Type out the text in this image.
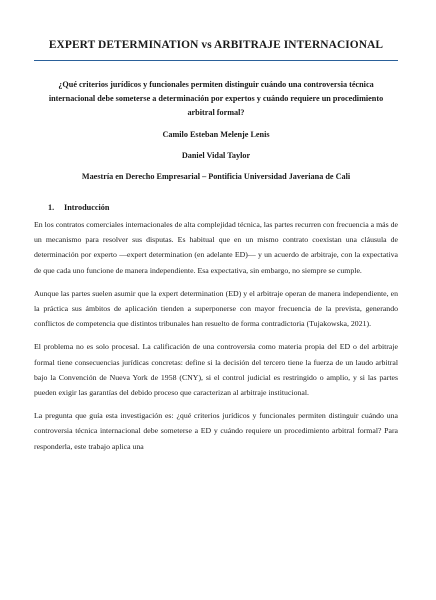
EXPERT DETERMINATION vs ARBITRAJE INTERNACIONAL
¿Qué criterios jurídicos y funcionales permiten distinguir cuándo una controversia técnica internacional debe someterse a determinación por expertos y cuándo requiere un procedimiento arbitral formal?
Camilo Esteban Melenje Lenis
Daniel Vidal Taylor
Maestría en Derecho Empresarial – Pontificia Universidad Javeriana de Cali
1. Introducción

En los contratos comerciales internacionales de alta complejidad técnica, las partes recurren con frecuencia a más de un mecanismo para resolver sus disputas. Es habitual que en un mismo contrato coexistan una cláusula de determinación por experto —expert determination (en adelante ED)— y un acuerdo de arbitraje, con la expectativa de que cada uno funcione de manera independiente. Esa expectativa, sin embargo, no siempre se cumple.

Aunque las partes suelen asumir que la expert determination (ED) y el arbitraje operan de manera independiente, en la práctica sus ámbitos de aplicación tienden a superponerse con mayor frecuencia de la prevista, generando conflictos de competencia que distintos tribunales han resuelto de forma contradictoria (Tujakowska, 2021).

El problema no es solo procesal. La calificación de una controversia como materia propia del ED o del arbitraje formal tiene consecuencias jurídicas concretas: define si la decisión del tercero tiene la fuerza de un laudo arbitral bajo la Convención de Nueva York de 1958 (CNY), si el control judicial es restringido o amplio, y si las partes pueden exigir las garantías del debido proceso que caracterizan al arbitraje institucional.

La pregunta que guía esta investigación es: ¿qué criterios jurídicos y funcionales permiten distinguir cuándo una controversia técnica internacional debe someterse a ED y cuándo requiere un procedimiento arbitral formal? Para responderla, este trabajo aplica una
